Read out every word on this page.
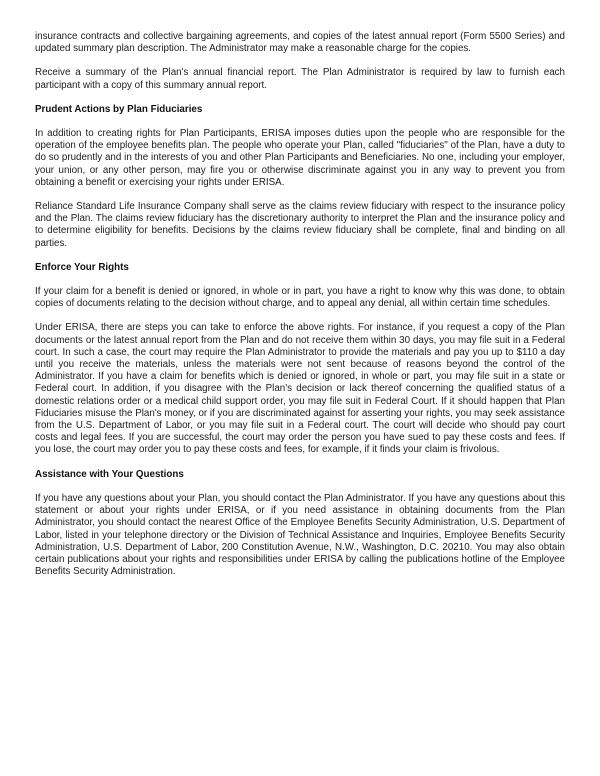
insurance contracts and collective bargaining agreements, and copies of the latest annual report (Form 5500 Series) and updated summary plan description. The Administrator may make a reasonable charge for the copies.

Receive a summary of the Plan's annual financial report. The Plan Administrator is required by law to furnish each participant with a copy of this summary annual report.

Prudent Actions by Plan Fiduciaries

In addition to creating rights for Plan Participants, ERISA imposes duties upon the people who are responsible for the operation of the employee benefits plan. The people who operate your Plan, called "fiduciaries" of the Plan, have a duty to do so prudently and in the interests of you and other Plan Participants and Beneficiaries. No one, including your employer, your union, or any other person, may fire you or otherwise discriminate against you in any way to prevent you from obtaining a benefit or exercising your rights under ERISA.

Reliance Standard Life Insurance Company shall serve as the claims review fiduciary with respect to the insurance policy and the Plan. The claims review fiduciary has the discretionary authority to interpret the Plan and the insurance policy and to determine eligibility for benefits. Decisions by the claims review fiduciary shall be complete, final and binding on all parties.

Enforce Your Rights

If your claim for a benefit is denied or ignored, in whole or in part, you have a right to know why this was done, to obtain copies of documents relating to the decision without charge, and to appeal any denial, all within certain time schedules.

Under ERISA, there are steps you can take to enforce the above rights. For instance, if you request a copy of the Plan documents or the latest annual report from the Plan and do not receive them within 30 days, you may file suit in a Federal court. In such a case, the court may require the Plan Administrator to provide the materials and pay you up to $110 a day until you receive the materials, unless the materials were not sent because of reasons beyond the control of the Administrator. If you have a claim for benefits which is denied or ignored, in whole or part, you may file suit in a state or Federal court. In addition, if you disagree with the Plan's decision or lack thereof concerning the qualified status of a domestic relations order or a medical child support order, you may file suit in Federal Court. If it should happen that Plan Fiduciaries misuse the Plan's money, or if you are discriminated against for asserting your rights, you may seek assistance from the U.S. Department of Labor, or you may file suit in a Federal court. The court will decide who should pay court costs and legal fees. If you are successful, the court may order the person you have sued to pay these costs and fees. If you lose, the court may order you to pay these costs and fees, for example, if it finds your claim is frivolous.

Assistance with Your Questions

If you have any questions about your Plan, you should contact the Plan Administrator. If you have any questions about this statement or about your rights under ERISA, or if you need assistance in obtaining documents from the Plan Administrator, you should contact the nearest Office of the Employee Benefits Security Administration, U.S. Department of Labor, listed in your telephone directory or the Division of Technical Assistance and Inquiries, Employee Benefits Security Administration, U.S. Department of Labor, 200 Constitution Avenue, N.W., Washington, D.C. 20210. You may also obtain certain publications about your rights and responsibilities under ERISA by calling the publications hotline of the Employee Benefits Security Administration.
